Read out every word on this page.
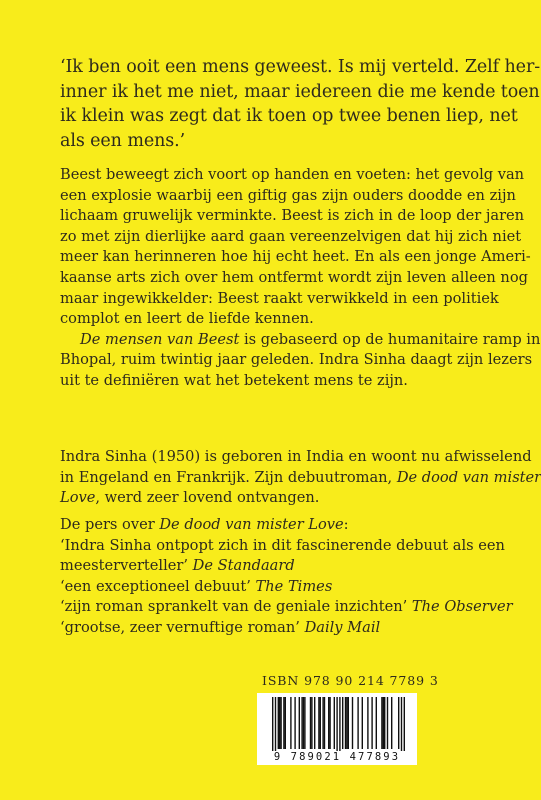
‘Ik ben ooit een mens geweest. Is mij verteld. Zelf her-
inner ik het me niet, maar iedereen die me kende toen
ik klein was zegt dat ik toen op twee benen liep, net
als een mens.’

Beest beweegt zich voort op handen en voeten: het gevolg van
een explosie waarbij een giftig gas zijn ouders doodde en zijn
lichaam gruwelijk verminkte. Beest is zich in de loop der jaren
zo met zijn dierlijke aard gaan vereenzelvigen dat hij zich niet
meer kan herinneren hoe hij echt heet. En als een jonge Ameri-
kaanse arts zich over hem ontfermt wordt zijn leven alleen nog
maar ingewikkelder: Beest raakt verwikkeld in een politiek
complot en leert de liefde kennen.
De mensen van Beest is gebaseerd op de humanitaire ramp in
Bhopal, ruim twintig jaar geleden. Indra Sinha daagt zijn lezers
uit te definiëren wat het betekent mens te zijn.
Indra Sinha (1950) is geboren in India en woont nu afwisselend
in Engeland en Frankrijk. Zijn debuutroman, De dood van mister
Love, werd zeer lovend ontvangen.
De pers over De dood van mister Love:
‘Indra Sinha ontpopt zich in dit fascinerende debuut als een
meesterverteller’ De Standaard
‘een exceptioneel debuut’ The Times
‘zijn roman sprankelt van de geniale inzichten’ The Observer
‘grootse, zeer vernuftige roman’ Daily Mail
ISBN 978 90 214 7789 3
9 789021 477893
